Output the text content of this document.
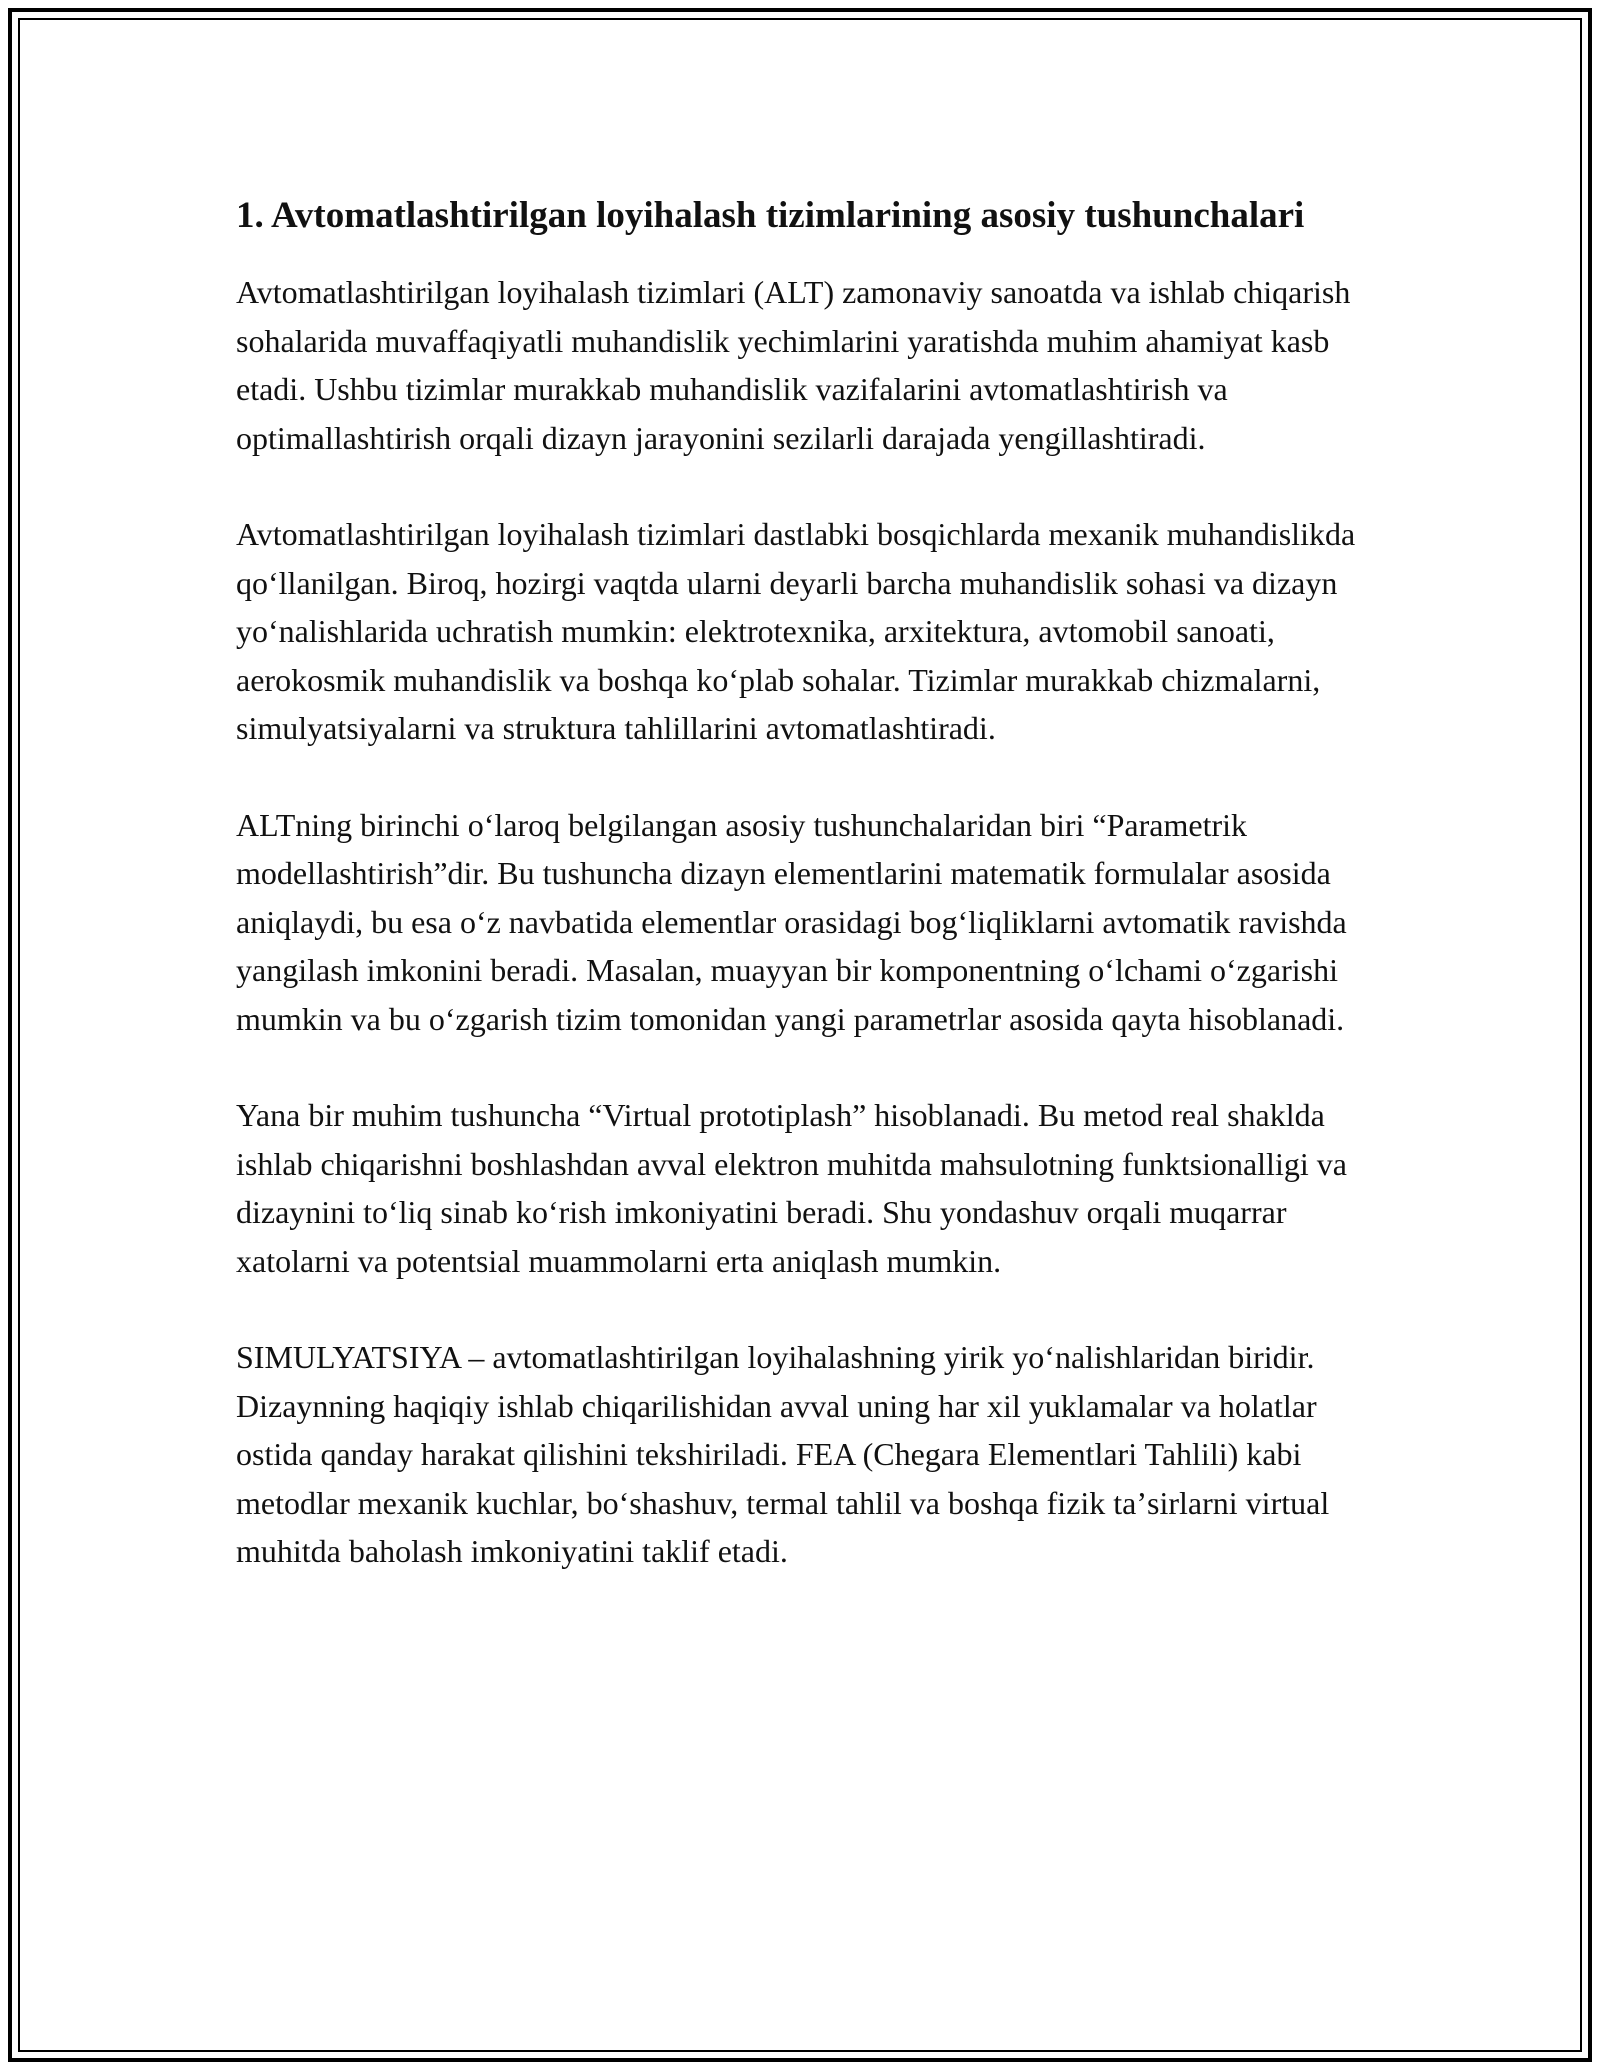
1. Avtomatlashtirilgan loyihalash tizimlarining asosiy tushunchalari

Avtomatlashtirilgan loyihalash tizimlari (ALT) zamonaviy sanoatda va ishlab chiqarish sohalarida muvaffaqiyatli muhandislik yechimlarini yaratishda muhim ahamiyat kasb etadi. Ushbu tizimlar murakkab muhandislik vazifalarini avtomatlashtirish va optimallashtirish orqali dizayn jarayonini sezilarli darajada yengillashtiradi.

Avtomatlashtirilgan loyihalash tizimlari dastlabki bosqichlarda mexanik muhandislikda qoʻllanilgan. Biroq, hozirgi vaqtda ularni deyarli barcha muhandislik sohasi va dizayn yoʻnalishlarida uchratish mumkin: elektrotexnika, arxitektura, avtomobil sanoati, aerokosmik muhandislik va boshqa koʻplab sohalar. Tizimlar murakkab chizmalarni, simulyatsiyalarni va struktura tahlillarini avtomatlashtiradi.

ALTning birinchi oʻlaroq belgilangan asosiy tushunchalaridan biri “Parametrik modellashtirish”dir. Bu tushuncha dizayn elementlarini matematik formulalar asosida aniqlaydi, bu esa oʻz navbatida elementlar orasidagi bogʻliqliklarni avtomatik ravishda yangilash imkonini beradi. Masalan, muayyan bir komponentning oʻlchami oʻzgarishi mumkin va bu oʻzgarish tizim tomonidan yangi parametrlar asosida qayta hisoblanadi.

Yana bir muhim tushuncha “Virtual prototiplash” hisoblanadi. Bu metod real shaklda ishlab chiqarishni boshlashdan avval elektron muhitda mahsulotning funktsionalligi va dizaynini toʻliq sinab koʻrish imkoniyatini beradi. Shu yondashuv orqali muqarrar xatolarni va potentsial muammolarni erta aniqlash mumkin.

SIMULYATSIYA – avtomatlashtirilgan loyihalashning yirik yoʻnalishlaridan biridir. Dizaynning haqiqiy ishlab chiqarilishidan avval uning har xil yuklamalar va holatlar ostida qanday harakat qilishini tekshiriladi. FEA (Chegara Elementlari Tahlili) kabi metodlar mexanik kuchlar, boʻshashuv, termal tahlil va boshqa fizik taʼsirlarni virtual muhitda baholash imkoniyatini taklif etadi.
